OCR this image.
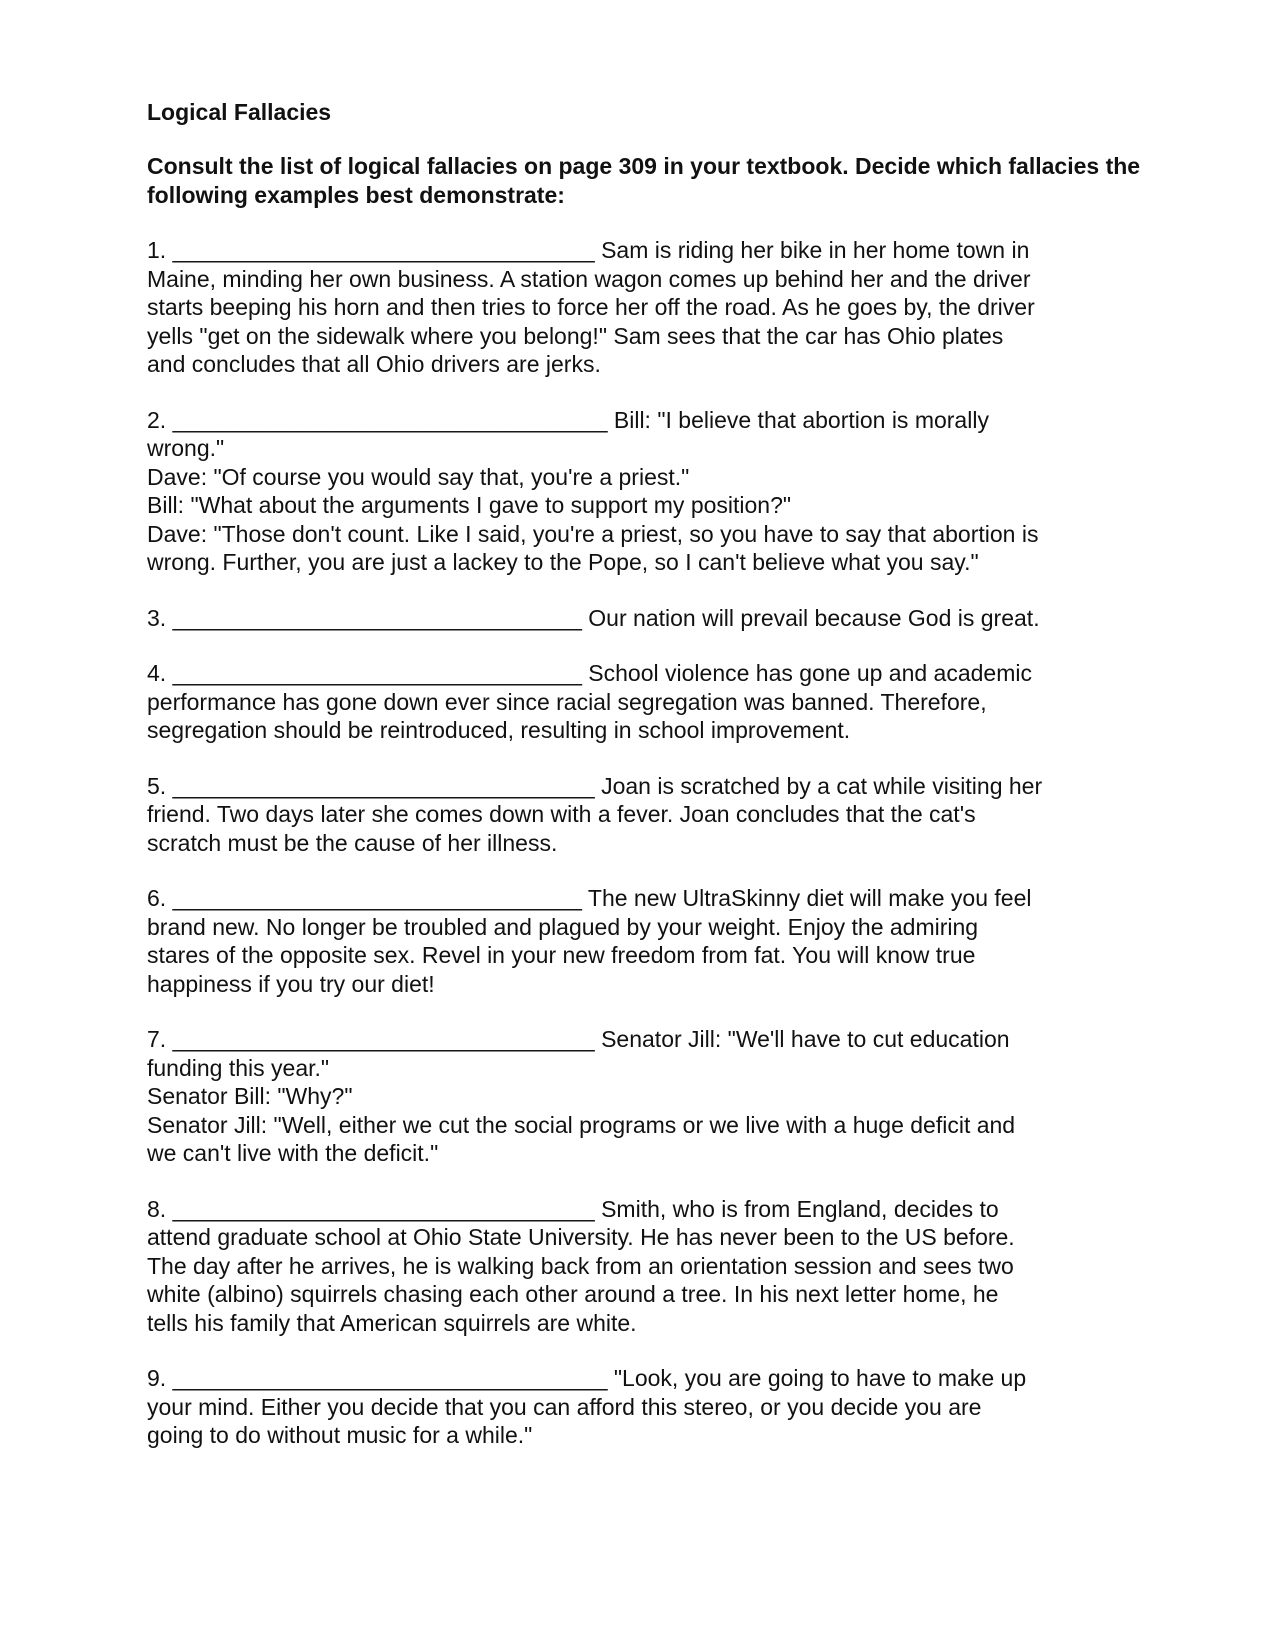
Logical Fallacies
Consult the list of logical fallacies on page 309 in your textbook. Decide which fallacies the following examples best demonstrate:

1. _________________________________ Sam is riding her bike in her home town in

Maine, minding her own business. A station wagon comes up behind her and the driver

starts beeping his horn and then tries to force her off the road. As he goes by, the driver

yells "get on the sidewalk where you belong!" Sam sees that the car has Ohio plates

and concludes that all Ohio drivers are jerks.

2. __________________________________ Bill: "I believe that abortion is morally

wrong."

Dave: "Of course you would say that, you're a priest."

Bill: "What about the arguments I gave to support my position?"

Dave: "Those don't count. Like I said, you're a priest, so you have to say that abortion is

wrong. Further, you are just a lackey to the Pope, so I can't believe what you say."

3. ________________________________ Our nation will prevail because God is great.

4. ________________________________ School violence has gone up and academic

performance has gone down ever since racial segregation was banned. Therefore,

segregation should be reintroduced, resulting in school improvement.

5. _________________________________ Joan is scratched by a cat while visiting her

friend. Two days later she comes down with a fever. Joan concludes that the cat's

scratch must be the cause of her illness.

6. ________________________________ The new UltraSkinny diet will make you feel

brand new. No longer be troubled and plagued by your weight. Enjoy the admiring

stares of the opposite sex. Revel in your new freedom from fat. You will know true

happiness if you try our diet!

7. _________________________________ Senator Jill: "We'll have to cut education

funding this year."

Senator Bill: "Why?"

Senator Jill: "Well, either we cut the social programs or we live with a huge deficit and

we can't live with the deficit."

8. _________________________________ Smith, who is from England, decides to

attend graduate school at Ohio State University. He has never been to the US before.

The day after he arrives, he is walking back from an orientation session and sees two

white (albino) squirrels chasing each other around a tree. In his next letter home, he

tells his family that American squirrels are white.

9. __________________________________ "Look, you are going to have to make up

your mind. Either you decide that you can afford this stereo, or you decide you are

going to do without music for a while."
